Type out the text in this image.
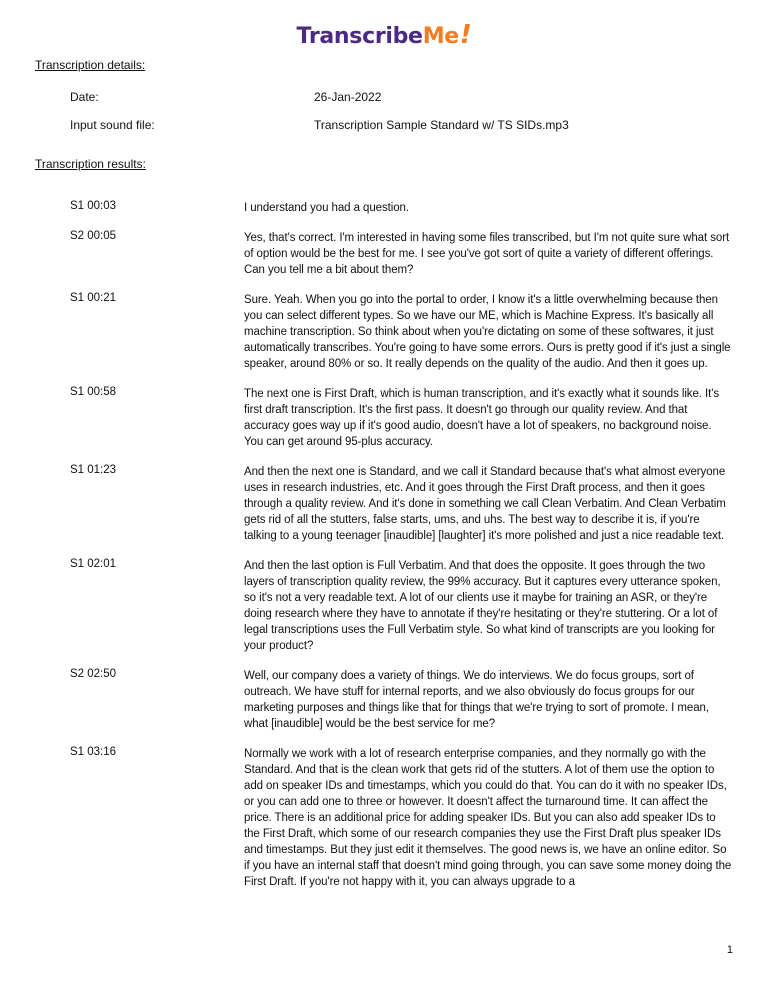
TranscribeMe!
Transcription details:
Date:	26-Jan-2022
Input sound file:	Transcription Sample Standard w/ TS SIDs.mp3
Transcription results:
S1 00:03	I understand you had a question.
S2 00:05	Yes, that's correct. I'm interested in having some files transcribed, but I'm not quite sure what sort of option would be the best for me. I see you've got sort of quite a variety of different offerings. Can you tell me a bit about them?
S1 00:21	Sure. Yeah. When you go into the portal to order, I know it's a little overwhelming because then you can select different types. So we have our ME, which is Machine Express. It's basically all machine transcription. So think about when you're dictating on some of these softwares, it just automatically transcribes. You're going to have some errors. Ours is pretty good if it's just a single speaker, around 80% or so. It really depends on the quality of the audio. And then it goes up.
S1 00:58	The next one is First Draft, which is human transcription, and it's exactly what it sounds like. It's first draft transcription. It's the first pass. It doesn't go through our quality review. And that accuracy goes way up if it's good audio, doesn't have a lot of speakers, no background noise. You can get around 95-plus accuracy.
S1 01:23	And then the next one is Standard, and we call it Standard because that's what almost everyone uses in research industries, etc. And it goes through the First Draft process, and then it goes through a quality review. And it's done in something we call Clean Verbatim. And Clean Verbatim gets rid of all the stutters, false starts, ums, and uhs. The best way to describe it is, if you're talking to a young teenager [inaudible] [laughter] it's more polished and just a nice readable text.
S1 02:01	And then the last option is Full Verbatim. And that does the opposite. It goes through the two layers of transcription quality review, the 99% accuracy. But it captures every utterance spoken, so it's not a very readable text. A lot of our clients use it maybe for training an ASR, or they're doing research where they have to annotate if they're hesitating or they're stuttering. Or a lot of legal transcriptions uses the Full Verbatim style. So what kind of transcripts are you looking for your product?
S2 02:50	Well, our company does a variety of things. We do interviews. We do focus groups, sort of outreach. We have stuff for internal reports, and we also obviously do focus groups for our marketing purposes and things like that for things that we're trying to sort of promote. I mean, what [inaudible] would be the best service for me?
S1 03:16	Normally we work with a lot of research enterprise companies, and they normally go with the Standard. And that is the clean work that gets rid of the stutters. A lot of them use the option to add on speaker IDs and timestamps, which you could do that. You can do it with no speaker IDs, or you can add one to three or however. It doesn't affect the turnaround time. It can affect the price. There is an additional price for adding speaker IDs. But you can also add speaker IDs to the First Draft, which some of our research companies they use the First Draft plus speaker IDs and timestamps. But they just edit it themselves. The good news is, we have an online editor. So if you have an internal staff that doesn't mind going through, you can save some money doing the First Draft. If you're not happy with it, you can always upgrade to a
1
